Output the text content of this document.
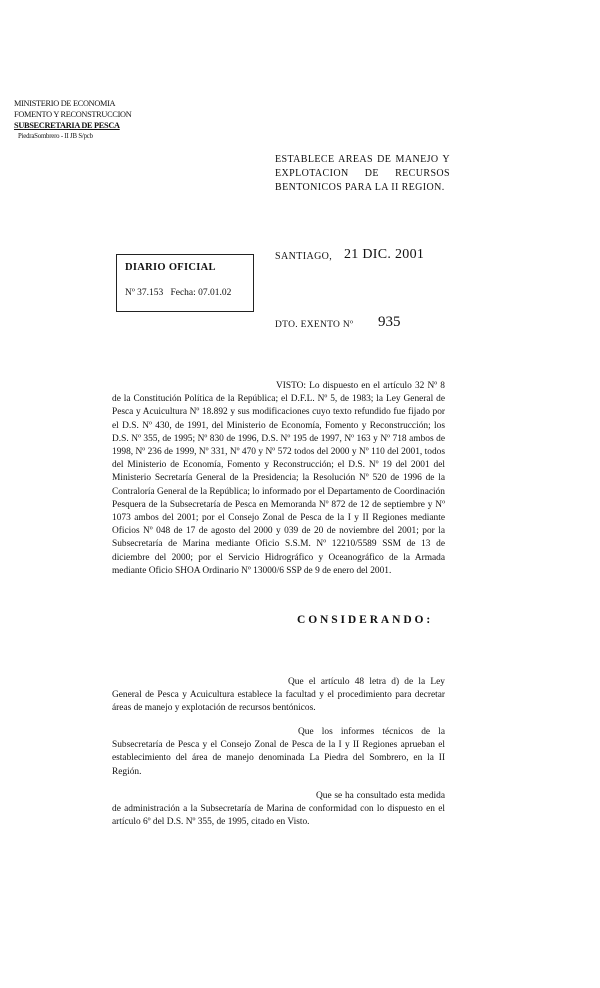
MINISTERIO DE ECONOMIA
FOMENTO Y RECONSTRUCCION
SUBSECRETARIA DE PESCA
PiedraSombrero - II JB S/pcb
ESTABLECE AREAS DE MANEJO Y EXPLOTACION DE RECURSOS BENTONICOS PARA LA II REGION.
SANTIAGO, 21 DIC. 2001
DIARIO OFICIAL
Nº 37.153 Fecha: 07.01.02
DTO. EXENTO Nº 935
VISTO: Lo dispuesto en el artículo 32 Nº 8 de la Constitución Política de la República; el D.F.L. Nº 5, de 1983; la Ley General de Pesca y Acuicultura Nº 18.892 y sus modificaciones cuyo texto refundido fue fijado por el D.S. Nº 430, de 1991, del Ministerio de Economía, Fomento y Reconstrucción; los D.S. Nº 355, de 1995; Nº 830 de 1996, D.S. Nº 195 de 1997, Nº 163 y Nº 718 ambos de 1998, Nº 236 de 1999, Nº 331, Nº 470 y Nº 572 todos del 2000 y Nº 110 del 2001, todos del Ministerio de Economía, Fomento y Reconstrucción; el D.S. Nº 19 del 2001 del Ministerio Secretaría General de la Presidencia; la Resolución Nº 520 de 1996 de la Contraloría General de la República; lo informado por el Departamento de Coordinación Pesquera de la Subsecretaría de Pesca en Memoranda Nº 872 de 12 de septiembre y Nº 1073 ambos del 2001; por el Consejo Zonal de Pesca de la I y II Regiones mediante Oficios Nº 048 de 17 de agosto del 2000 y 039 de 20 de noviembre del 2001; por la Subsecretaría de Marina mediante Oficio S.S.M. Nº 12210/5589 SSM de 13 de diciembre del 2000; por el Servicio Hidrográfico y Oceanográfico de la Armada mediante Oficio SHOA Ordinario Nº 13000/6 SSP de 9 de enero del 2001.
CONSIDERANDO:
Que el artículo 48 letra d) de la Ley General de Pesca y Acuicultura establece la facultad y el procedimiento para decretar áreas de manejo y explotación de recursos bentónicos.
Que los informes técnicos de la Subsecretaría de Pesca y el Consejo Zonal de Pesca de la I y II Regiones aprueban el establecimiento del área de manejo denominada La Piedra del Sombrero, en la II Región.
Que se ha consultado esta medida de administración a la Subsecretaría de Marina de conformidad con lo dispuesto en el artículo 6º del D.S. Nº 355, de 1995, citado en Visto.
